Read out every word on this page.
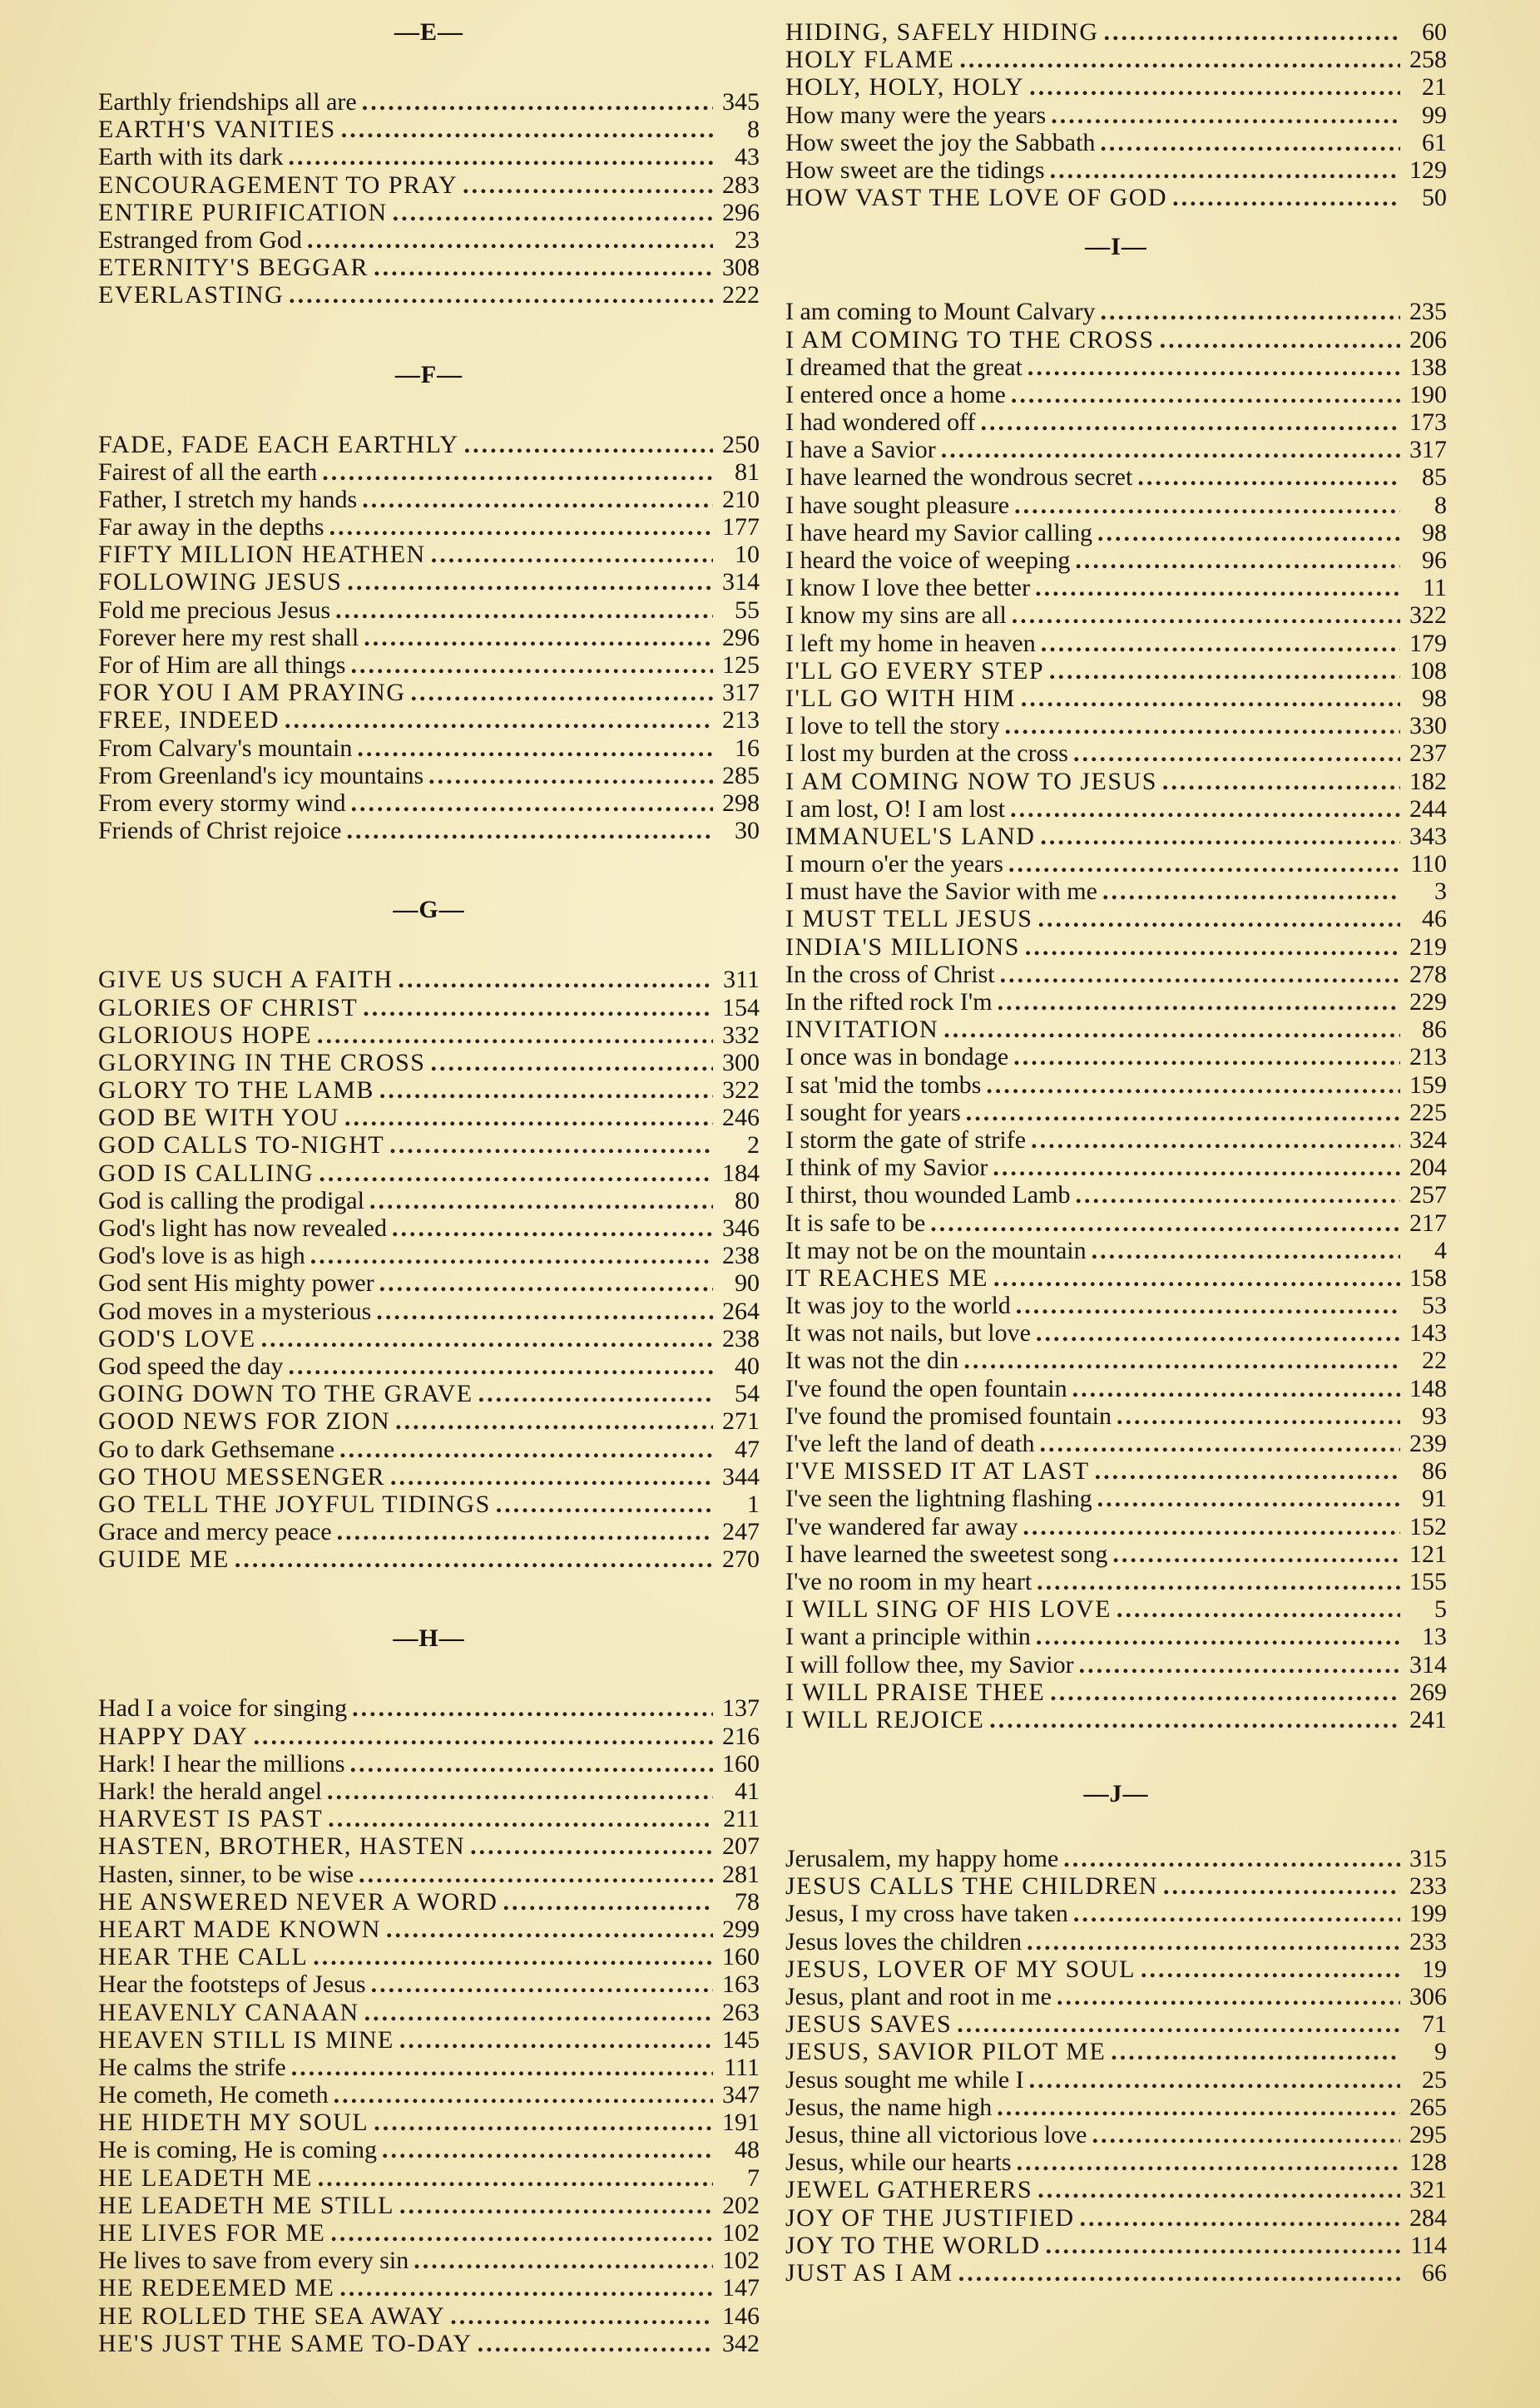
—E—
Earthly friendships all are .....	345
EARTH'S VANITIES .....	8
Earth with its dark .....	43
ENCOURAGEMENT TO PRAY .....	283
ENTIRE PURIFICATION .....	296
Estranged from God .....	23
ETERNITY'S BEGGAR .....	308
EVERLASTING .....	222
—F—
FADE, FADE EACH EARTHLY .....	250
Fairest of all the earth .....	81
Father, I stretch my hands .....	210
Far away in the depths .....	177
FIFTY MILLION HEATHEN .....	10
FOLLOWING JESUS .....	314
Fold me precious Jesus .....	55
Forever here my rest shall .....	296
For of Him are all things .....	125
FOR YOU I AM PRAYING .....	317
FREE, INDEED .....	213
From Calvary's mountain .....	16
From Greenland's icy mountains .....	285
From every stormy wind .....	298
Friends of Christ rejoice .....	30
—G—
GIVE US SUCH A FAITH .....	311
GLORIES OF CHRIST .....	154
GLORIOUS HOPE .....	332
GLORYING IN THE CROSS .....	300
GLORY TO THE LAMB .....	322
GOD BE WITH YOU .....	246
GOD CALLS TO-NIGHT .....	2
GOD IS CALLING .....	184
God is calling the prodigal .....	80
God's light has now revealed .....	346
God's love is as high .....	238
God sent His mighty power .....	90
God moves in a mysterious .....	264
GOD'S LOVE .....	238
God speed the day .....	40
GOING DOWN TO THE GRAVE .....	54
GOOD NEWS FOR ZION .....	271
Go to dark Gethsemane .....	47
GO THOU MESSENGER .....	344
GO TELL THE JOYFUL TIDINGS .....	1
Grace and mercy peace .....	247
GUIDE ME .....	270
—H—
Had I a voice for singing .....	137
HAPPY DAY .....	216
Hark! I hear the millions .....	160
Hark! the herald angel .....	41
HARVEST IS PAST .....	211
HASTEN, BROTHER, HASTEN .....	207
Hasten, sinner, to be wise .....	281
HE ANSWERED NEVER A WORD .....	78
HEART MADE KNOWN .....	299
HEAR THE CALL .....	160
Hear the footsteps of Jesus .....	163
HEAVENLY CANAAN .....	263
HEAVEN STILL IS MINE .....	145
He calms the strife .....	111
He cometh, He cometh .....	347
HE HIDETH MY SOUL .....	191
He is coming, He is coming .....	48
HE LEADETH ME .....	7
HE LEADETH ME STILL .....	202
HE LIVES FOR ME .....	102
He lives to save from every sin .....	102
HE REDEEMED ME .....	147
HE ROLLED THE SEA AWAY .....	146
HE'S JUST THE SAME TO-DAY .....	342
HIDING, SAFELY HIDING .....	60
HOLY FLAME .....	258
HOLY, HOLY, HOLY .....	21
How many were the years .....	99
How sweet the joy the Sabbath .....	61
How sweet are the tidings .....	129
HOW VAST THE LOVE OF GOD .....	50
—I—
I am coming to Mount Calvary .....	235
I AM COMING TO THE CROSS .....	206
I dreamed that the great .....	138
I entered once a home .....	190
I had wondered off .....	173
I have a Savior .....	317
I have learned the wondrous secret .....	85
I have sought pleasure .....	8
I have heard my Savior calling .....	98
I heard the voice of weeping .....	96
I know I love thee better .....	11
I know my sins are all .....	322
I left my home in heaven .....	179
I'LL GO EVERY STEP .....	108
I'LL GO WITH HIM .....	98
I love to tell the story .....	330
I lost my burden at the cross .....	237
I AM COMING NOW TO JESUS .....	182
I am lost, O! I am lost .....	244
IMMANUEL'S LAND .....	343
I mourn o'er the years .....	110
I must have the Savior with me .....	3
I MUST TELL JESUS .....	46
INDIA'S MILLIONS .....	219
In the cross of Christ .....	278
In the rifted rock I'm .....	229
INVITATION .....	86
I once was in bondage .....	213
I sat 'mid the tombs .....	159
I sought for years .....	225
I storm the gate of strife .....	324
I think of my Savior .....	204
I thirst, thou wounded Lamb .....	257
It is safe to be .....	217
It may not be on the mountain .....	4
IT REACHES ME .....	158
It was joy to the world .....	53
It was not nails, but love .....	143
It was not the din .....	22
I've found the open fountain .....	148
I've found the promised fountain .....	93
I've left the land of death .....	239
I'VE MISSED IT AT LAST .....	86
I've seen the lightning flashing .....	91
I've wandered far away .....	152
I have learned the sweetest song .....	121
I've no room in my heart .....	155
I WILL SING OF HIS LOVE .....	5
I want a principle within .....	13
I will follow thee, my Savior .....	314
I WILL PRAISE THEE .....	269
I WILL REJOICE .....	241
—J—
Jerusalem, my happy home .....	315
JESUS CALLS THE CHILDREN .....	233
Jesus, I my cross have taken .....	199
Jesus loves the children .....	233
JESUS, LOVER OF MY SOUL .....	19
Jesus, plant and root in me .....	306
JESUS SAVES .....	71
JESUS, SAVIOR PILOT ME .....	9
Jesus sought me while I .....	25
Jesus, the name high .....	265
Jesus, thine all victorious love .....	295
Jesus, while our hearts .....	128
JEWEL GATHERERS .....	321
JOY OF THE JUSTIFIED .....	284
JOY TO THE WORLD .....	114
JUST AS I AM .....	66
